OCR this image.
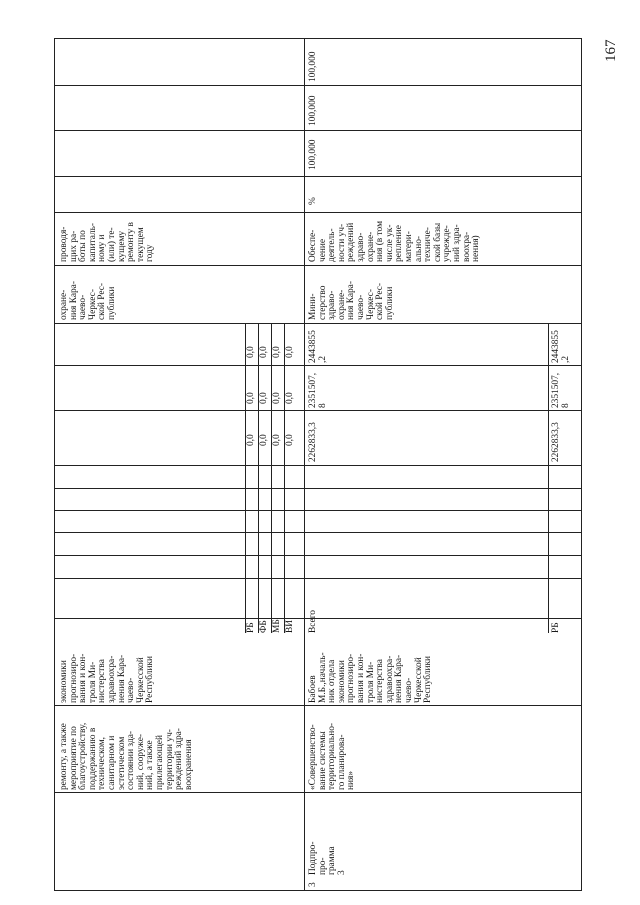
167
ремонту, а также
мероприятие по
благоустройству,
поддержанию в
техническом,
санитарном и
эстетическом
состоянии зда-
ний, сооруже-
ний, а также
прилегающей
территории уч-
реждений здра-
воохранения
экономики
прогнозиро-
вания и кон-
троля Ми-
нистерства
здравоохра-
нения Кара-
чаево-
Черкесской
Республики
РБ ФБ МБ ВИ
0,0 0,0 0,0 0,0
0,0 0,0 0,0 0,0
0,0 0,0 0,0 0,0
охране-
ния Кара-
чаево-
Черкес-
ской Рес-
публики
проводя-
щих ра-
боты по
капиталь-
ному и
(или) те-
кущему
ремонту в
текущем
году
3
Подпро-
про-
грамма
3
«Совершенство-
вание системы
территориально-
го планирова-
ния»
Бабоев
М.Б.,началь-
ник отдела
экономики
прогнозиро-
вания и кон-
троля Ми-
нистерства
здравоохра-
нения Кара-
чаево-
Черкесской
Республики
Всего
2262833,3
2351507,
8
2443855
,2
Мини-
стерство
здраво-
охране-
ния Кара-
чаево-
Черкес-
ской Рес-
публики
Обеспе-
чение
деятель-
ности уч-
реждений
здраво-
охране-
ния (в том
числе ук-
репление
матери-
ально-
техниче-
ской базы
учрежде-
ний здра-
воохра-
нения)
%
100,000
100,000
100,000
РБ
2262833,3
2351507,
8
2443855
,2
